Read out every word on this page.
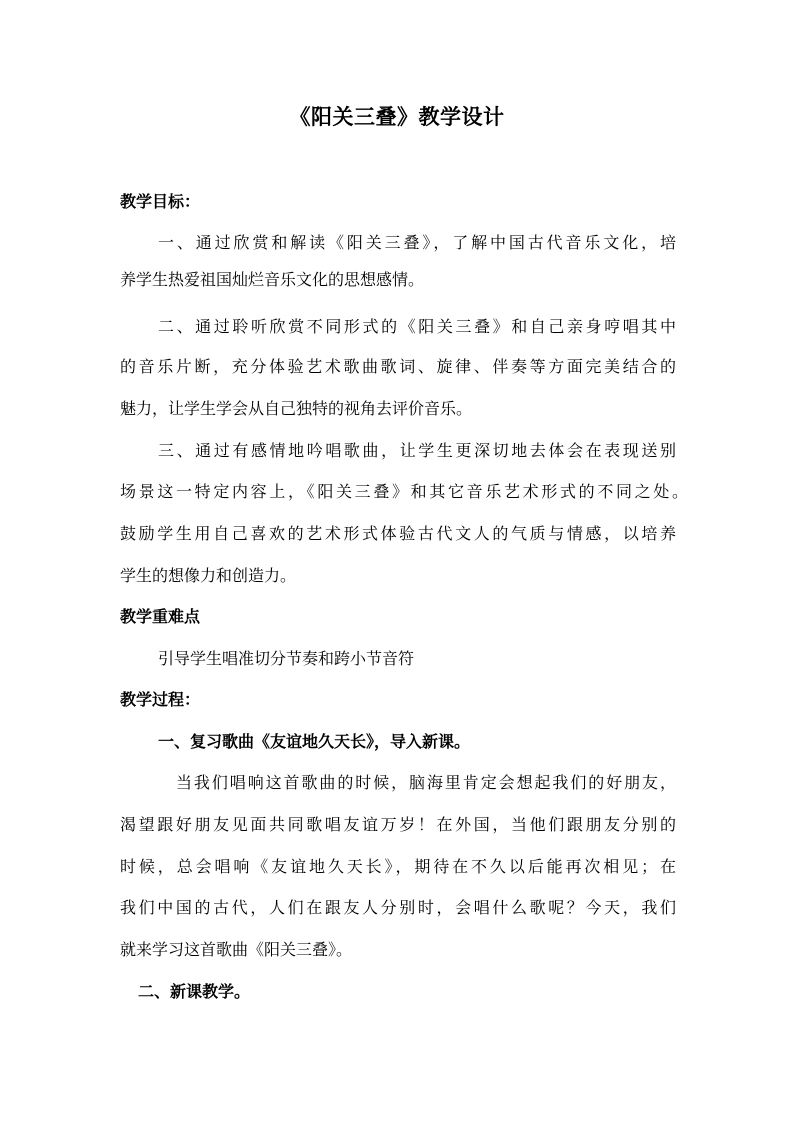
《阳关三叠》教学设计
教学目标：
一、通过欣赏和解读《阳关三叠》，了解中国古代音乐文化，培
养学生热爱祖国灿烂音乐文化的思想感情。
二、通过聆听欣赏不同形式的《阳关三叠》和自己亲身哼唱其中
的音乐片断，充分体验艺术歌曲歌词、旋律、伴奏等方面完美结合的
魅力，让学生学会从自己独特的视角去评价音乐。
三、通过有感情地吟唱歌曲，让学生更深切地去体会在表现送别
场景这一特定内容上，《阳关三叠》和其它音乐艺术形式的不同之处。
鼓励学生用自己喜欢的艺术形式体验古代文人的气质与情感，以培养
学生的想像力和创造力。
教学重难点
引导学生唱准切分节奏和跨小节音符
教学过程：
一、复习歌曲《友谊地久天长》，导入新课。
当我们唱响这首歌曲的时候，脑海里肯定会想起我们的好朋友，
渴望跟好朋友见面共同歌唱友谊万岁！在外国，当他们跟朋友分别的
时候，总会唱响《友谊地久天长》，期待在不久以后能再次相见；在
我们中国的古代，人们在跟友人分别时，会唱什么歌呢？今天，我们
就来学习这首歌曲《阳关三叠》。
二、新课教学。
